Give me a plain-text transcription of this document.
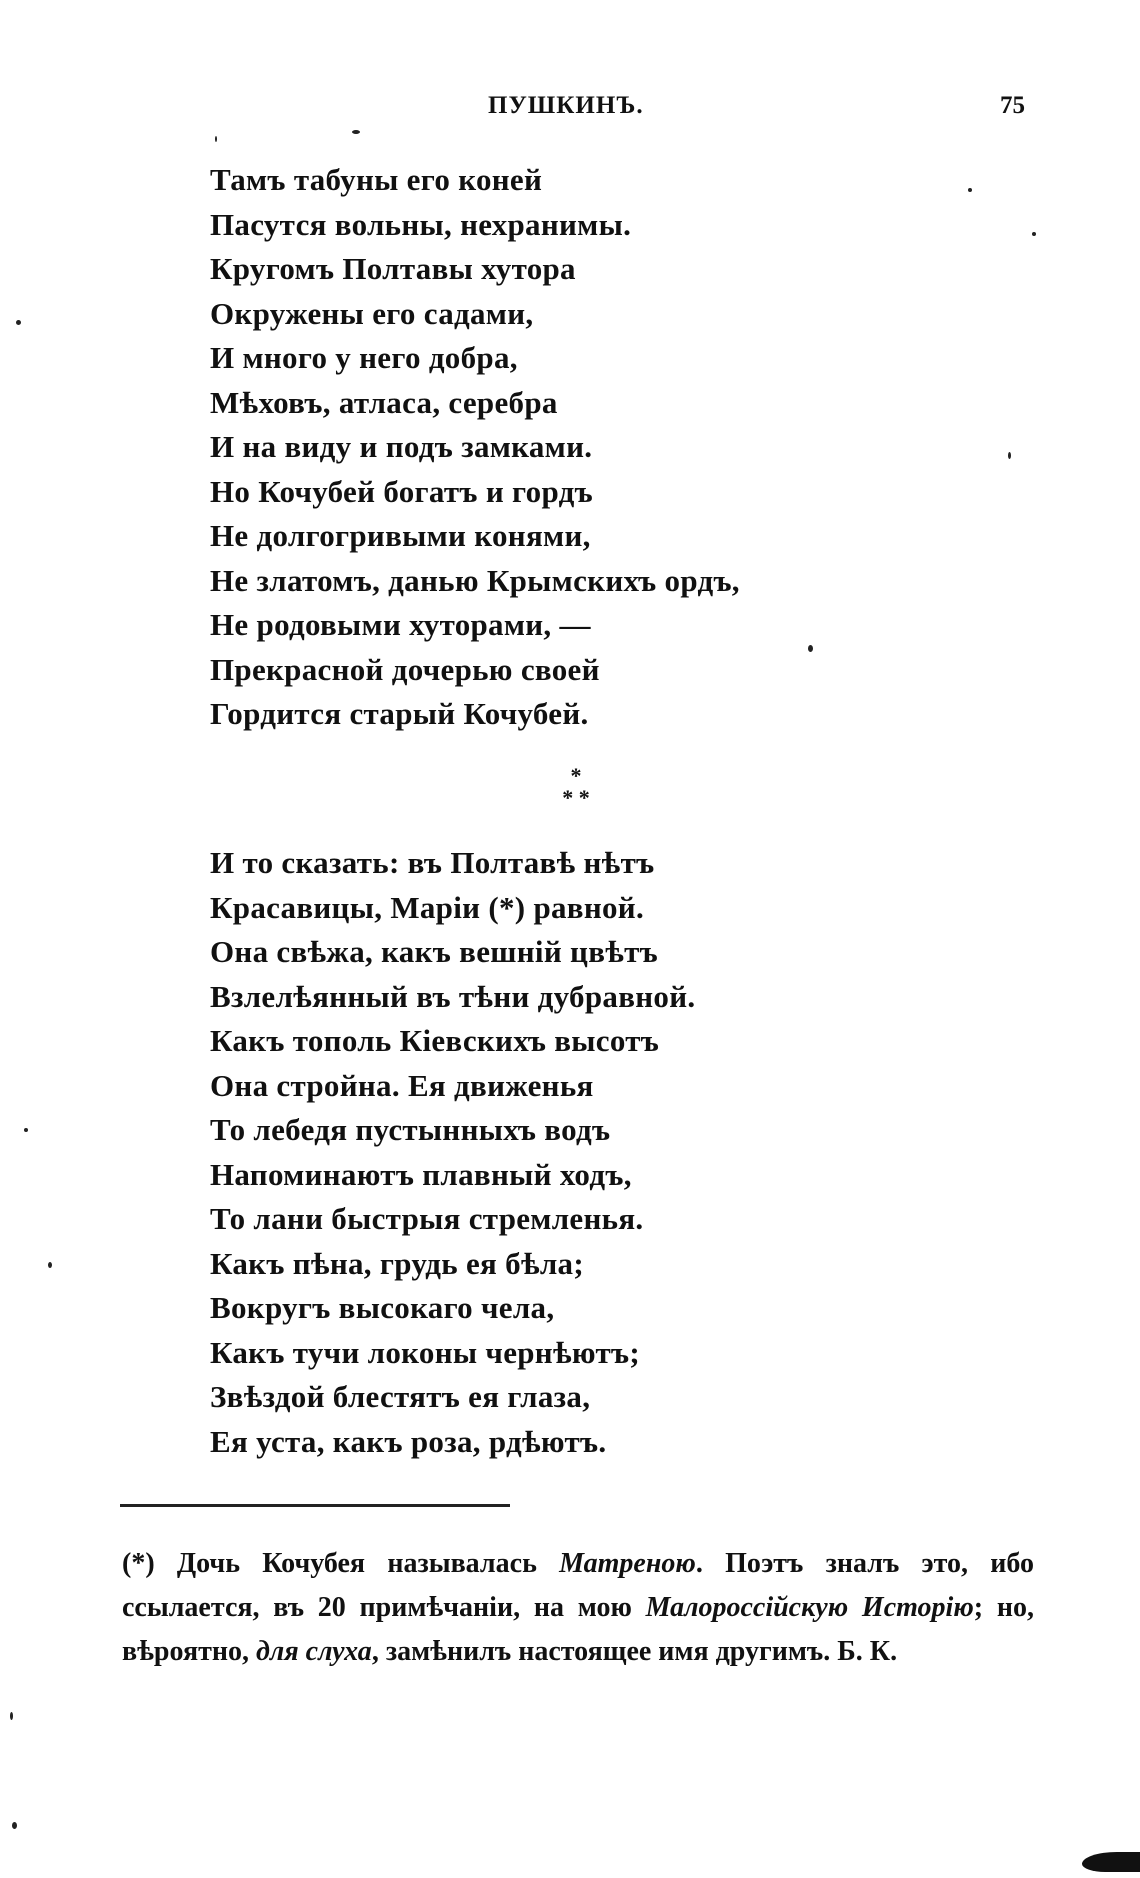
ПУШКИНЪ.	75
Тамъ табуны его коней
Пасутся вольны, нехранимы.
Кругомъ Полтавы хутора
Окружены его садами,
И много у него добра,
Мѣховъ, атласа, серебра
И на виду и подъ замками.
Но Кочубей богатъ и гордъ
Не долгогривыми конями,
Не златомъ, данью Крымскихъ ордъ,
Не родовыми хуторами, —
Прекрасной дочерью своей
Гордится старый Кочубей.
*
* *
И то сказать: въ Полтавѣ нѣтъ
Красавицы, Маріи (*) равной.
Она свѣжа, какъ вешній цвѣтъ
Взлелѣянный въ тѣни дубравной.
Какъ тополь Кіевскихъ высотъ
Она стройна. Ея движенья
То лебедя пустынныхъ водъ
Напоминаютъ плавный ходъ,
То лани быстрыя стремленья.
Какъ пѣна, грудь ея бѣла;
Вокругъ высокаго чела,
Какъ тучи локоны чернѣютъ;
Звѣздой блестятъ ея глаза,
Ея уста, какъ роза, рдѣютъ.

(*) Дочь Кочубея называлась Матреною. Поэтъ зналъ это, ибо ссылается, въ 20 примѣчаніи, на мою Малороссійскую Исторію; но, вѣроятно, для слуха, замѣнилъ настоящее имя другимъ. Б. К.
